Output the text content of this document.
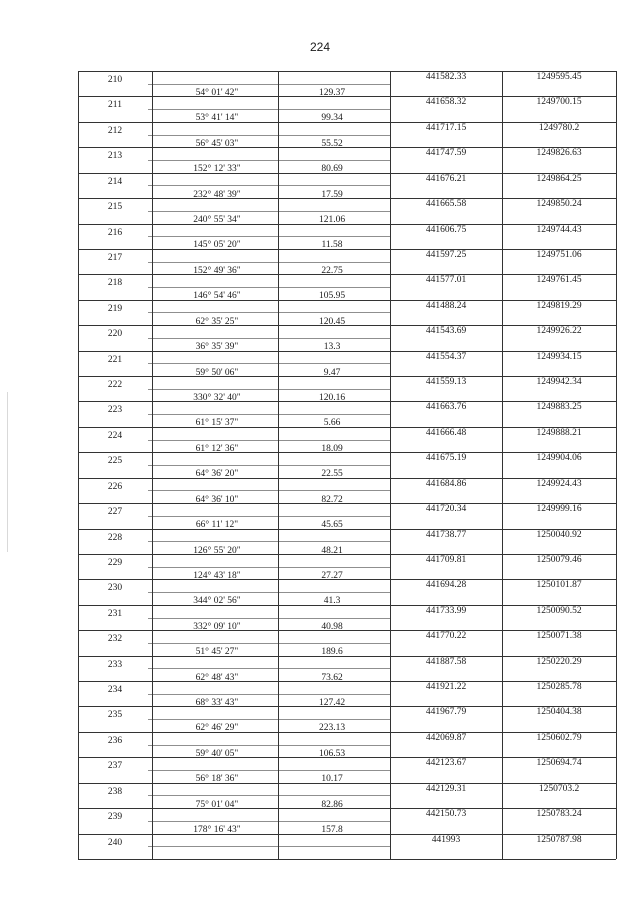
224
210	441582.33	1249595.45
54° 01' 42"	129.37
211	441658.32	1249700.15
53° 41' 14"	99.34
212	441717.15	1249780.2
56° 45' 03"	55.52
213	441747.59	1249826.63
152° 12' 33"	80.69
214	441676.21	1249864.25
232° 48' 39"	17.59
215	441665.58	1249850.24
240° 55' 34"	121.06
216	441606.75	1249744.43
145° 05' 20"	11.58
217	441597.25	1249751.06
152° 49' 36"	22.75
218	441577.01	1249761.45
146° 54' 46"	105.95
219	441488.24	1249819.29
62° 35' 25"	120.45
220	441543.69	1249926.22
36° 35' 39"	13.3
221	441554.37	1249934.15
59° 50' 06"	9.47
222	441559.13	1249942.34
330° 32' 40"	120.16
223	441663.76	1249883.25
61° 15' 37"	5.66
224	441666.48	1249888.21
61° 12' 36"	18.09
225	441675.19	1249904.06
64° 36' 20"	22.55
226	441684.86	1249924.43
64° 36' 10"	82.72
227	441720.34	1249999.16
66° 11' 12"	45.65
228	441738.77	1250040.92
126° 55' 20"	48.21
229	441709.81	1250079.46
124° 43' 18"	27.27
230	441694.28	1250101.87
344° 02' 56"	41.3
231	441733.99	1250090.52
332° 09' 10"	40.98
232	441770.22	1250071.38
51° 45' 27"	189.6
233	441887.58	1250220.29
62° 48' 43"	73.62
234	441921.22	1250285.78
68° 33' 43"	127.42
235	441967.79	1250404.38
62° 46' 29"	223.13
236	442069.87	1250602.79
59° 40' 05"	106.53
237	442123.67	1250694.74
56° 18' 36"	10.17
238	442129.31	1250703.2
75° 01' 04"	82.86
239	442150.73	1250783.24
178° 16' 43"	157.8
240	441993	1250787.98
